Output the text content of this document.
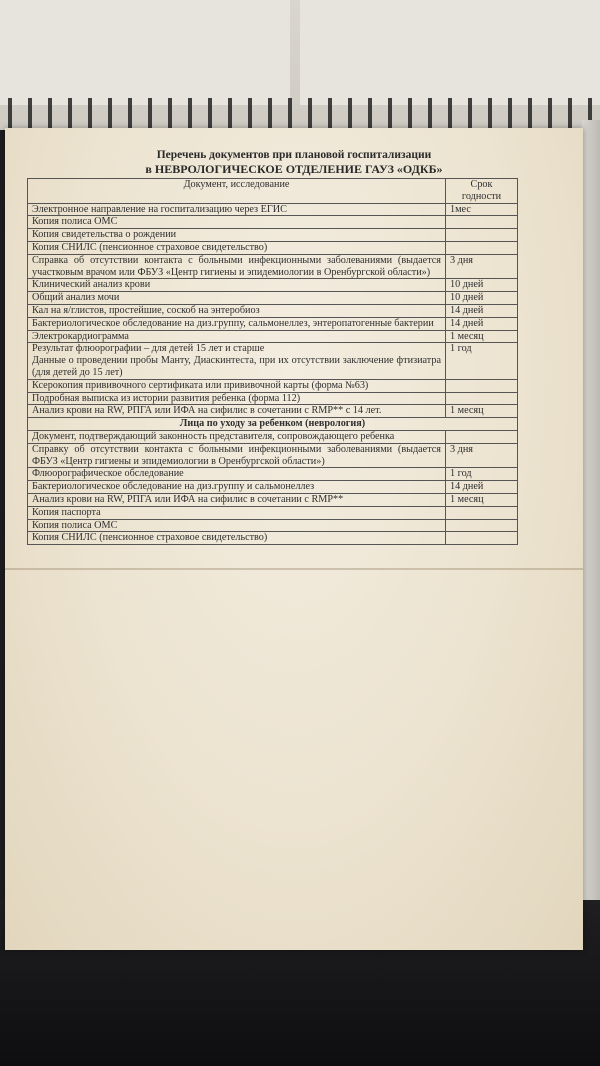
Перечень документов при плановой госпитализации
в НЕВРОЛОГИЧЕСКОЕ ОТДЕЛЕНИЕ ГАУЗ «ОДКБ»
Документ, исследование	Срок годности
Электронное направление на госпитализацию через ЕГИС	1мес
Копия полиса ОМС	
Копия свидетельства о рождении	
Копия СНИЛС (пенсионное страховое свидетельство)	
Справка об отсутствии контакта с больными инфекционными заболеваниями (выдается участковым врачом или ФБУЗ «Центр гигиены и эпидемиологии в Оренбургской области»)	3 дня
Клинический анализ крови	10 дней
Общий анализ мочи	10 дней
Кал на я/глистов, простейшие, соскоб на энтеробиоз	14 дней
Бактериологическое обследование на диз.группу, сальмонеллез, энтеропатогенные бактерии	14 дней
Электрокардиограмма	1 месяц
Результат флюорографии – для детей 15 лет и старше
Данные о проведении пробы Манту, Диаскинтеста, при их отсутствии заключение фтизиатра (для детей до 15 лет)	1 год
Ксерокопия прививочного сертификата или прививочной карты (форма №63)	
Подробная выписка из истории развития ребенка (форма 112)	
Анализ крови на RW, РПГА или ИФА на сифилис в сочетании с RMP** с 14 лет.	1 месяц
Лица по уходу за ребенком (неврология)	
Документ, подтверждающий законность представителя, сопровождающего ребенка	
Справку об отсутствии контакта с больными инфекционными заболеваниями (выдается ФБУЗ «Центр гигиены и эпидемиологии в Оренбургской области»)	3 дня
Флюорографическое обследование	1 год
Бактериологическое обследование на диз.группу и сальмонеллез	14 дней
Анализ крови на RW, РПГА или ИФА на сифилис в сочетании с RMP**	1 месяц
Копия паспорта	
Копия полиса ОМС	
Копия СНИЛС (пенсионное страховое свидетельство)	
